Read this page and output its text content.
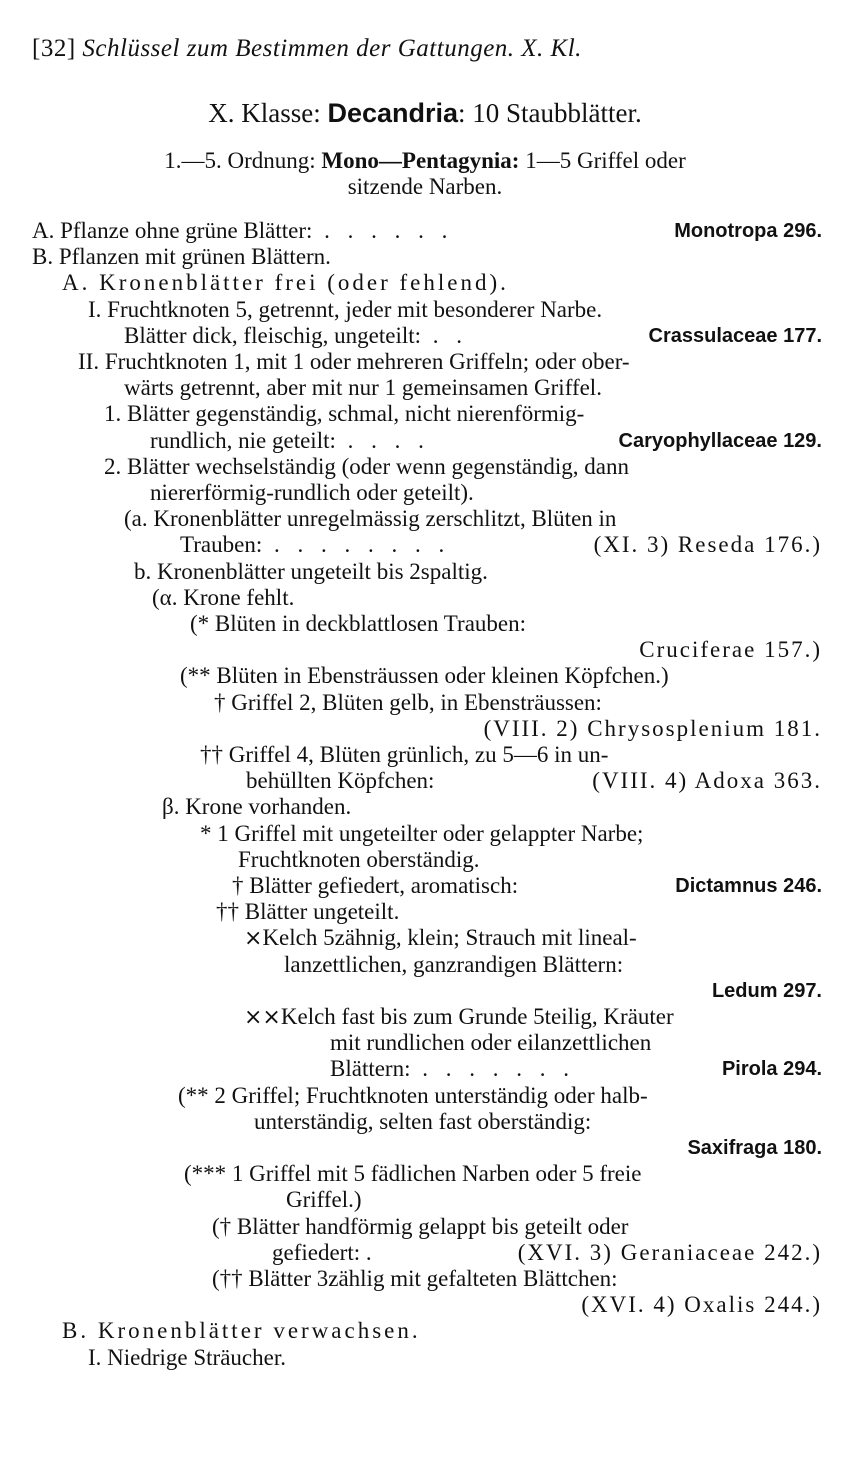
[32] Schlüssel zum Bestimmen der Gattungen. X. Kl.
X. Klasse: Decandria: 10 Staubblätter.
1.—5. Ordnung: Mono—Pentagynia: 1—5 Griffel oder
sitzende Narben.
A. Pflanze ohne grüne Blätter: . . . . . .	Monotropa 296.
B. Pflanzen mit grünen Blättern.
A. Kronenblätter frei (oder fehlend).
I. Fruchtknoten 5, getrennt, jeder mit besonderer Narbe.
Blätter dick, fleischig, ungeteilt: . .	Crassulaceae 177.
II. Fruchtknoten 1, mit 1 oder mehreren Griffeln; oder ober-
wärts getrennt, aber mit nur 1 gemeinsamen Griffel.
1. Blätter gegenständig, schmal, nicht nierenförmig-
rundlich, nie geteilt: . . . .	Caryophyllaceae 129.
2. Blätter wechselständig (oder wenn gegenständig, dann
niererförmig-rundlich oder geteilt).
(a. Kronenblätter unregelmässig zerschlitzt, Blüten in
Trauben: . . . . . . . .	(XI. 3) Reseda 176.)
b. Kronenblätter ungeteilt bis 2spaltig.
(α. Krone fehlt.
(* Blüten in deckblattlosen Trauben:
Cruciferae 157.)
(** Blüten in Ebensträussen oder kleinen Köpfchen.)
† Griffel 2, Blüten gelb, in Ebensträussen:
(VIII. 2) Chrysosplenium 181.
†† Griffel 4, Blüten grünlich, zu 5—6 in un-
behüllten Köpfchen:	(VIII. 4) Adoxa 363.
β. Krone vorhanden.
* 1 Griffel mit ungeteilter oder gelappter Narbe;
Fruchtknoten oberständig.
† Blätter gefiedert, aromatisch:	Dictamnus 246.
†† Blätter ungeteilt.
×Kelch 5zähnig, klein; Strauch mit lineal-
lanzettlichen, ganzrandigen Blättern:
Ledum 297.
××Kelch fast bis zum Grunde 5teilig, Kräuter
mit rundlichen oder eilanzettlichen
Blättern: . . . . . . .	Pirola 294.
(** 2 Griffel; Fruchtknoten unterständig oder halb-
unterständig, selten fast oberständig:
Saxifraga 180.
(*** 1 Griffel mit 5 fädlichen Narben oder 5 freie
Griffel.)
(† Blätter handförmig gelappt bis geteilt oder
gefiedert: .	(XVI. 3) Geraniaceae 242.)
(†† Blätter 3zählig mit gefalteten Blättchen:
(XVI. 4) Oxalis 244.)
B. Kronenblätter verwachsen.
I. Niedrige Sträucher.
